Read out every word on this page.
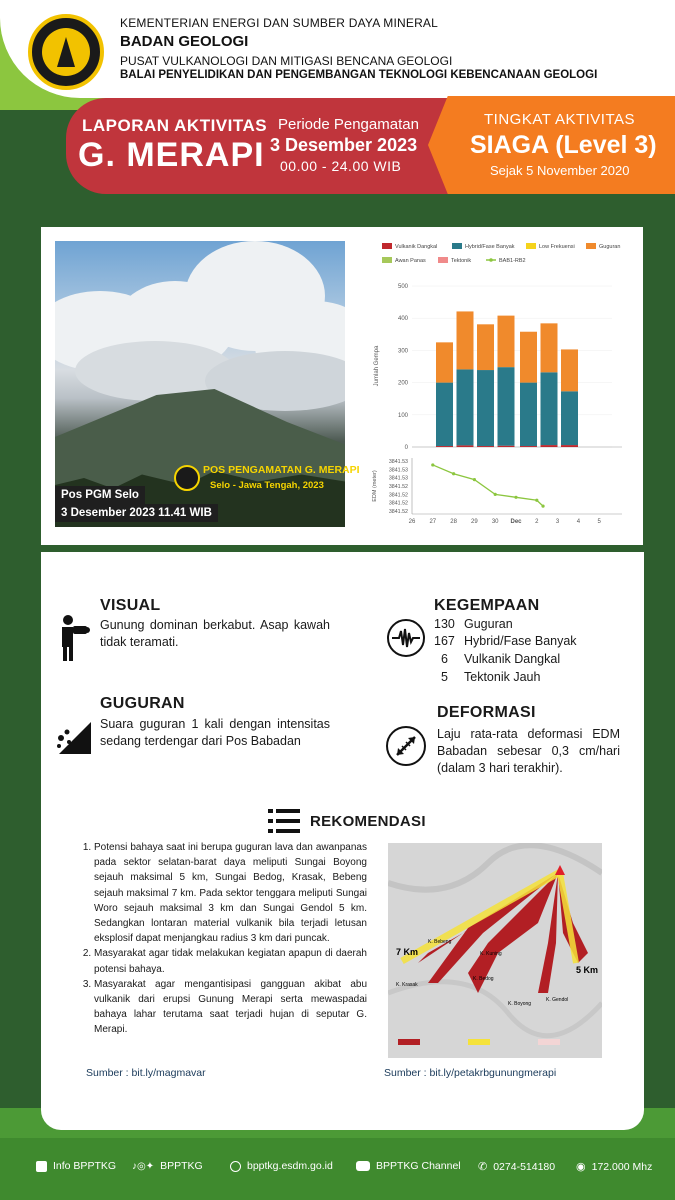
KEMENTERIAN ENERGI DAN SUMBER DAYA MINERAL
BADAN GEOLOGI
PUSAT VULKANOLOGI DAN MITIGASI BENCANA GEOLOGI
BALAI PENYELIDIKAN DAN PENGEMBANGAN TEKNOLOGI KEBENCANAAN GEOLOGI
LAPORAN AKTIVITAS
G. MERAPI
Periode Pengamatan
3 Desember 2023
00.00 - 24.00 WIB
TINGKAT AKTIVITAS
SIAGA (Level 3)
Sejak 5 November 2020
POS PENGAMATAN G. MERAPI
Selo - Jawa Tengah, 2023
Pos PGM Selo
3 Desember 2023 11.41 WIB
Vulkanik Dangkal	Hybrid/Fase Banyak	Low Frekuensi	Guguran
Awan Panas	Tektonik	BAB1-RB2
0
100
200
300
400
500
Jumlah Gempa
3841.53
3841.53
3841.53
3841.52
3841.52
3841.52
3841.52
EDM (meter)
26 27 28 29 30 Dec 2	3	4	5
VISUAL
Gunung dominan berkabut. Asap kawah tidak teramati.
GUGURAN
Suara guguran 1 kali dengan intensitas sedang terdengar dari Pos Babadan
KEGEMPAAN
130 Guguran
167 Hybrid/Fase Banyak
6 Vulkanik Dangkal
5 Tektonik Jauh
DEFORMASI
Laju rata-rata deformasi EDM Babadan sebesar 0,3 cm/hari (dalam 3 hari terakhir).
REKOMENDASI
1. Potensi bahaya saat ini berupa guguran lava dan awanpanas pada sektor selatan-barat daya meliputi Sungai Boyong sejauh maksimal 5 km, Sungai Bedog, Krasak, Bebeng sejauh maksimal 7 km. Pada sektor tenggara meliputi Sungai Woro sejauh maksimal 3 km dan Sungai Gendol 5 km. Sedangkan lontaran material vulkanik bila terjadi letusan eksplosif dapat menjangkau radius 3 km dari puncak.
2. Masyarakat agar tidak melakukan kegiatan apapun di daerah potensi bahaya.
3. Masyarakat agar mengantisipasi gangguan akibat abu vulkanik dari erupsi Gunung Merapi serta mewaspadai bahaya lahar terutama saat terjadi hujan di seputar G. Merapi.
7 Km
5 Km
K. Bebeng
K. Krasak
K. Kuning
K. Bedog
K. Boyong
K. Gendol
Sumber : bit.ly/magmavar	Sumber : bit.ly/petakrbgunungmerapi
Info BPPTKG ♪◎✦ BPPTKG	bpptkg.esdm.go.id	BPPTKG Channel ✆ 0274-514180 ◉ 172.000 Mhz
